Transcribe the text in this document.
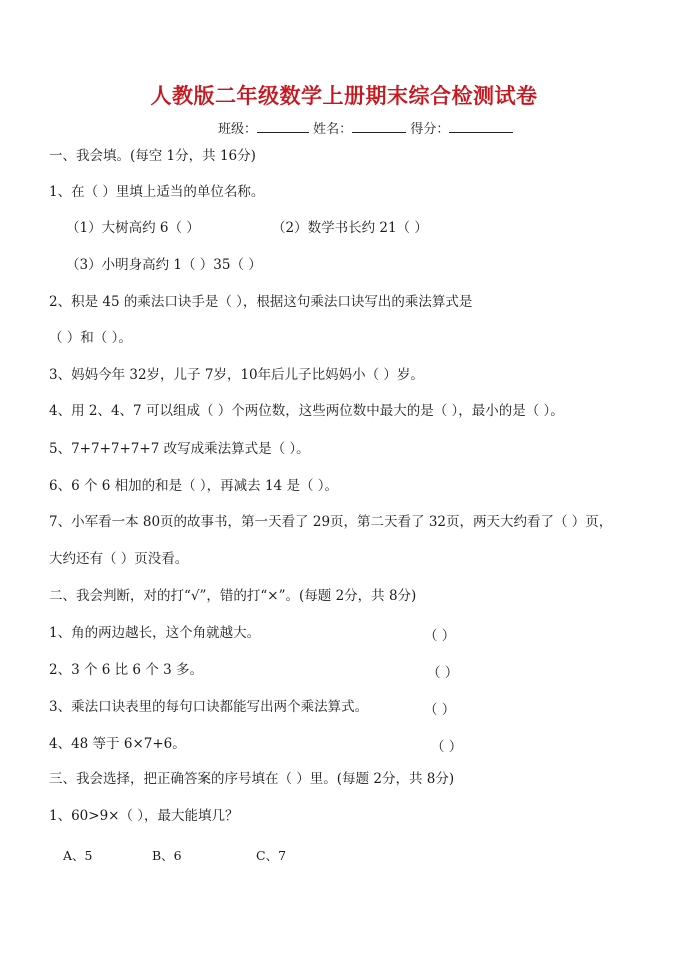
人教版二年级数学上册期末综合检测试卷
班级：	姓名：	得分：
一、我会填。(每空 1分，共 16分)
1、在（ ）里填上适当的单位名称。
（1）大树高约 6（ ）	（2）数学书长约 21（ ）
（3）小明身高约 1（ ）35（ ）
2、积是 45 的乘法口诀手是（ ），根据这句乘法口诀写出的乘法算式是
（ ）和（ ）。
3、妈妈今年 32岁，儿子 7岁，10年后儿子比妈妈小（ ）岁。
4、用 2、4、7 可以组成（ ）个两位数，这些两位数中最大的是（ ），最小的是（ ）。
5、7+7+7+7+7 改写成乘法算式是（ ）。
6、6 个 6 相加的和是（ ），再减去 14 是（ ）。
7、小军看一本 80页的故事书，第一天看了 29页，第二天看了 32页，两天大约看了（ ）页，
大约还有（ ）页没看。
二、我会判断，对的打“√”，错的打“×”。(每题 2分，共 8分)
1、角的两边越长，这个角就越大。	（ ）
2、3 个 6 比 6 个 3 多。	（ ）
3、乘法口诀表里的每句口诀都能写出两个乘法算式。	（ ）
4、48 等于 6×7+6。	（ ）
三、我会选择，把正确答案的序号填在（ ）里。(每题 2分，共 8分)
1、60>9×（ ），最大能填几？
A、5	B、6	C、7
